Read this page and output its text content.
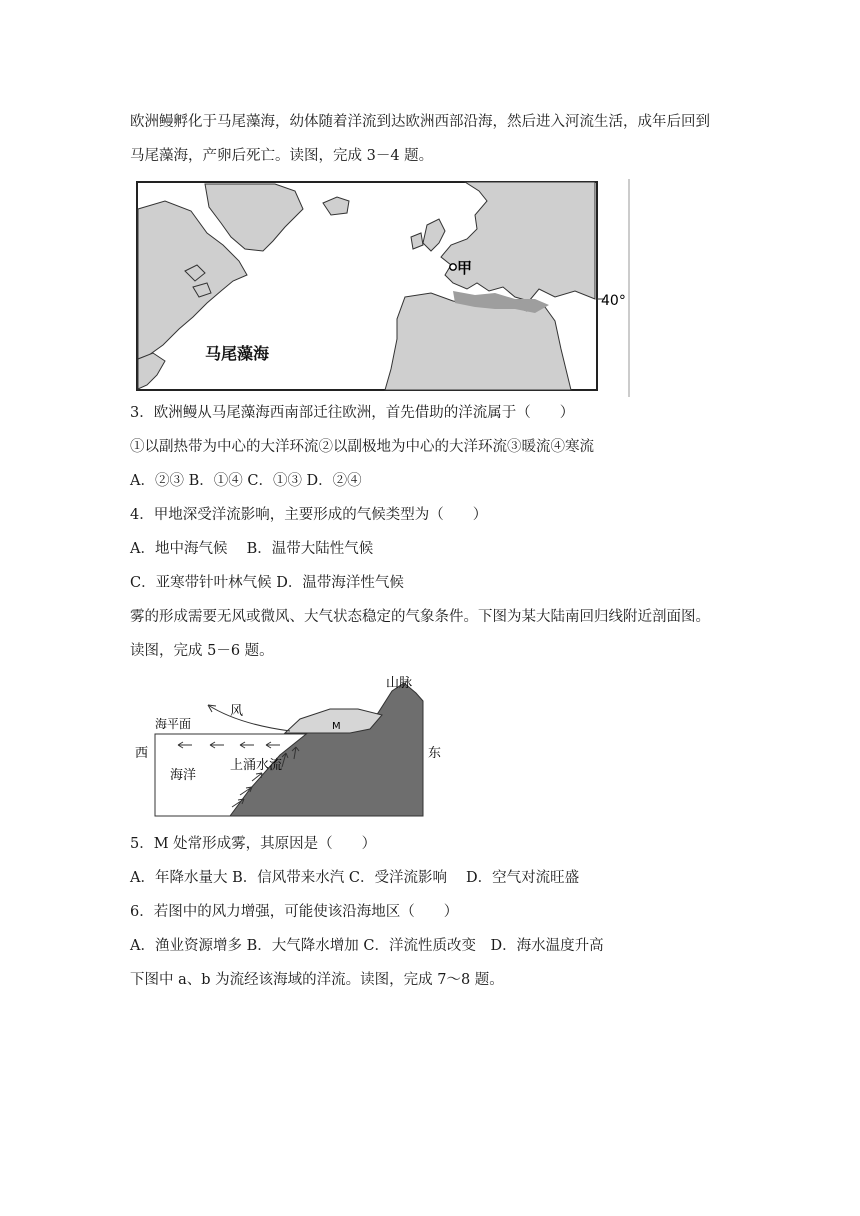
欧洲鳗孵化于马尾藻海，幼体随着洋流到达欧洲西部沿海，然后进入河流生活，成年后回到
马尾藻海，产卵后死亡。读图，完成 3－4 题。
甲
马尾藻海
40°
3．欧洲鳗从马尾藻海西南部迁往欧洲，首先借助的洋流属于（　　）
①以副热带为中心的大洋环流②以副极地为中心的大洋环流③暖流④寒流
A．②③ B．①④ C．①③ D．②④
4．甲地深受洋流影响，主要形成的气候类型为（　　）
A．地中海气候　 B．温带大陆性气候
C．亚寒带针叶林气候 D．温带海洋性气候
雾的形成需要无风或微风、大气状态稳定的气象条件。下图为某大陆南回归线附近剖面图。
读图，完成 5－6 题。
M
风
山脉
海平面
西	东
海洋
上涌水流
5．M 处常形成雾，其原因是（　　）
A．年降水量大 B．信风带来水汽 C．受洋流影响　 D．空气对流旺盛
6．若图中的风力增强，可能使该沿海地区（　　）
A．渔业资源增多 B．大气降水增加 C．洋流性质改变　D．海水温度升高
下图中 a、b 为流经该海域的洋流。读图，完成 7～8 题。
